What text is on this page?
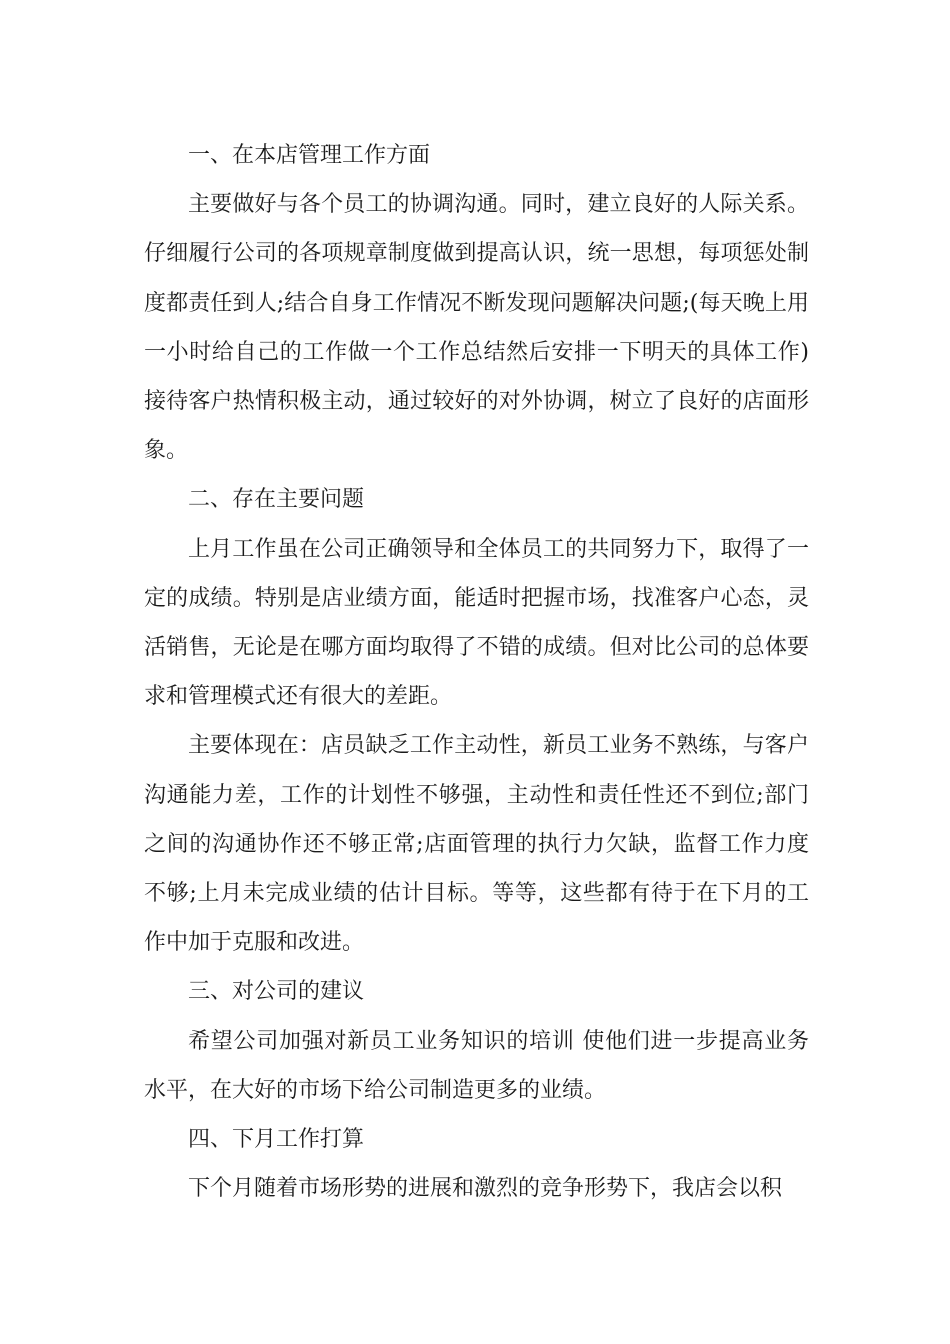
一、在本店管理工作方面

主要做好与各个员工的协调沟通。同时，建立良好的人际关系。仔细履行公司的各项规章制度做到提高认识，统一思想，每项惩处制度都责任到人;结合自身工作情况不断发现问题解决问题;(每天晚上用一小时给自己的工作做一个工作总结然后安排一下明天的具体工作)接待客户热情积极主动，通过较好的对外协调，树立了良好的店面形象。

二、存在主要问题

上月工作虽在公司正确领导和全体员工的共同努力下，取得了一定的成绩。特别是店业绩方面，能适时把握市场，找准客户心态，灵活销售，无论是在哪方面均取得了不错的成绩。但对比公司的总体要求和管理模式还有很大的差距。

主要体现在：店员缺乏工作主动性，新员工业务不熟练，与客户沟通能力差，工作的计划性不够强，主动性和责任性还不到位;部门之间的沟通协作还不够正常;店面管理的执行力欠缺，监督工作力度不够;上月未完成业绩的估计目标。等等，这些都有待于在下月的工作中加于克服和改进。

三、对公司的建议

希望公司加强对新员工业务知识的培训 使他们进一步提高业务水平，在大好的市场下给公司制造更多的业绩。

四、下月工作打算

下个月随着市场形势的进展和激烈的竞争形势下，我店会以积
